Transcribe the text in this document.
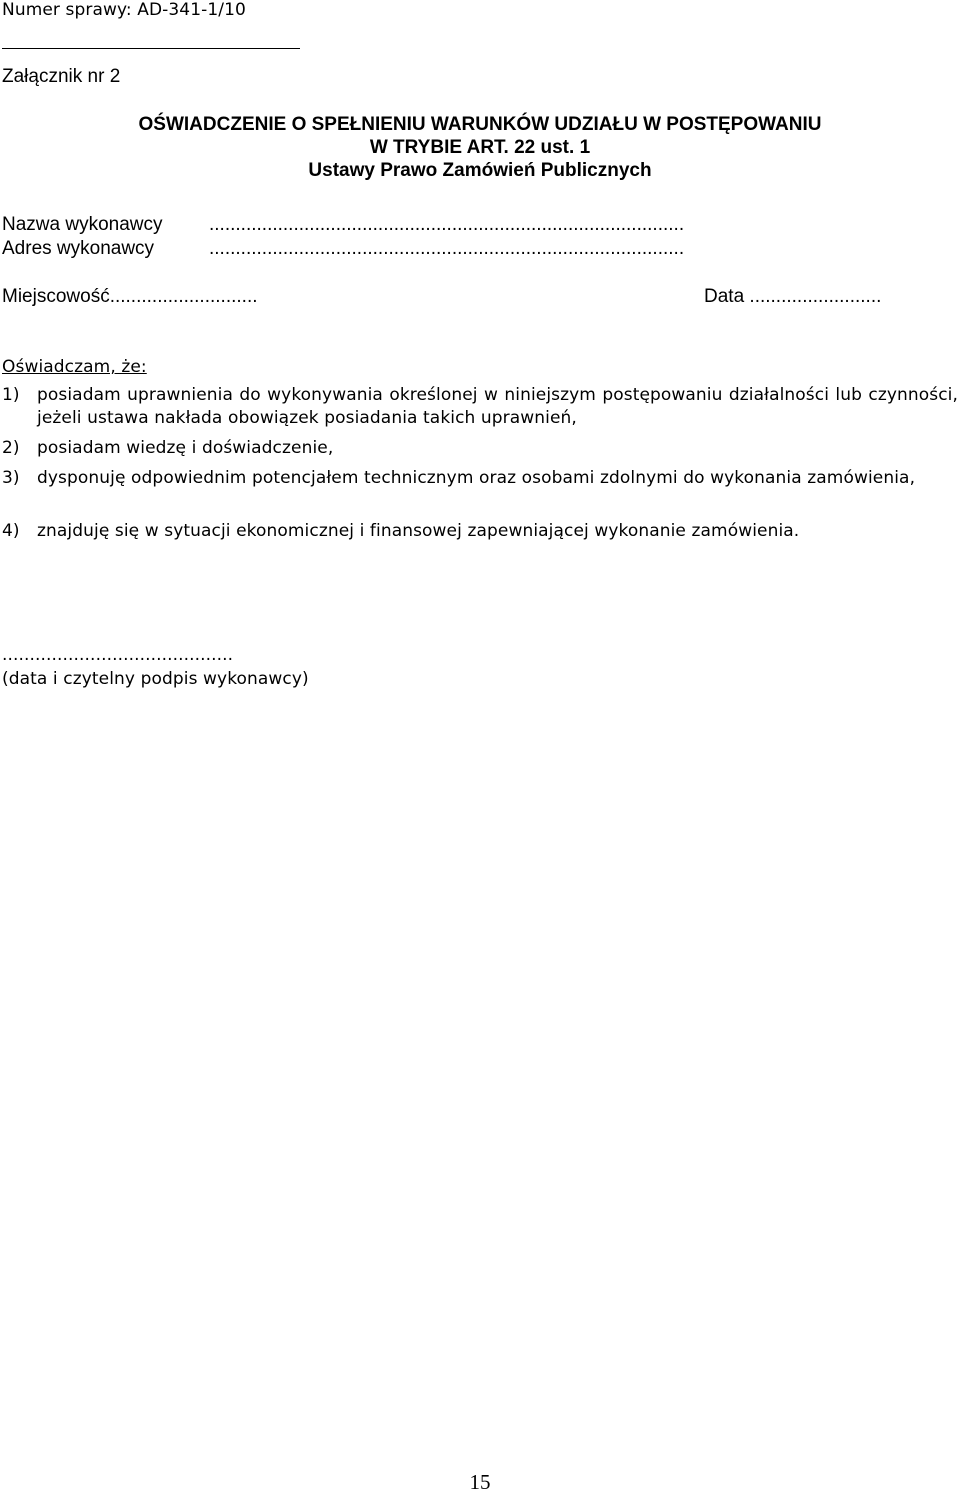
Numer sprawy: AD-341-1/10
Załącznik nr 2
OŚWIADCZENIE O SPEŁNIENIU WARUNKÓW UDZIAŁU W POSTĘPOWANIU
W TRYBIE ART. 22 ust. 1
Ustawy Prawo Zamówień Publicznych
Nazwa wykonawcy ..........................................................................................
Adres wykonawcy	..........................................................................................
Miejscowość............................	Data .........................
Oświadczam, że:
1)	posiadam uprawnienia do wykonywania określonej w niniejszym postępowaniu działalności lub czynności, jeżeli ustawa nakłada obowiązek posiadania takich uprawnień,
2)	posiadam wiedzę i doświadczenie,
3)	dysponuję odpowiednim potencjałem technicznym oraz osobami zdolnymi do wykonania zamówienia,
4)	znajduję się w sytuacji ekonomicznej i finansowej zapewniającej wykonanie zamówienia.
..........................................
(data i czytelny podpis wykonawcy)
15
